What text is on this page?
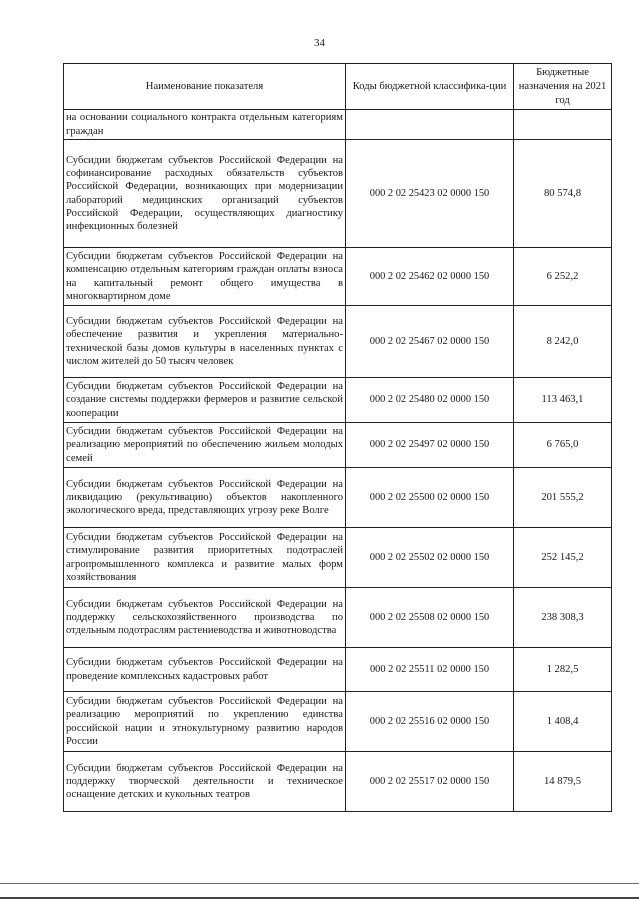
34
Наименование показателя	Коды бюджетной классифика-ции	Бюджетные назначения на 2021 год
на основании социального контракта отдельным категориям граждан		
Субсидии бюджетам субъектов Российской Федерации на софинансирование расходных обязательств субъектов Российской Федерации, возникающих при модернизации лабораторий медицинских организаций субъектов Российской Федерации, осуществляющих диагностику инфекционных болезней	000 2 02 25423 02 0000 150	80 574,8
Субсидии бюджетам субъектов Российской Федерации на компенсацию отдельным категориям граждан оплаты взноса на капитальный ремонт общего имущества в многоквартирном доме	000 2 02 25462 02 0000 150	6 252,2
Субсидии бюджетам субъектов Российской Федерации на обеспечение развития и укрепления материально-технической базы домов культуры в населенных пунктах с числом жителей до 50 тысяч человек	000 2 02 25467 02 0000 150	8 242,0
Субсидии бюджетам субъектов Российской Федерации на создание системы поддержки фермеров и развитие сельской кооперации	000 2 02 25480 02 0000 150	113 463,1
Субсидии бюджетам субъектов Российской Федерации на реализацию мероприятий по обеспечению жильем молодых семей	000 2 02 25497 02 0000 150	6 765,0
Субсидии бюджетам субъектов Российской Федерации на ликвидацию (рекультивацию) объектов накопленного экологического вреда, представляющих угрозу реке Волге	000 2 02 25500 02 0000 150	201 555,2
Субсидии бюджетам субъектов Российской Федерации на стимулирование развития приоритетных подотраслей агропромышленного комплекса и развитие малых форм хозяйствования	000 2 02 25502 02 0000 150	252 145,2
Субсидии бюджетам субъектов Российской Федерации на поддержку сельскохозяйственного производства по отдельным подотраслям растениеводства и животноводства	000 2 02 25508 02 0000 150	238 308,3
Субсидии бюджетам субъектов Российской Федерации на проведение комплексных кадастровых работ	000 2 02 25511 02 0000 150	1 282,5
Субсидии бюджетам субъектов Российской Федерации на реализацию мероприятий по укреплению единства российской нации и этнокультурному развитию народов России	000 2 02 25516 02 0000 150	1 408,4
Субсидии бюджетам субъектов Российской Федерации на поддержку творческой деятельности и техническое оснащение детских и кукольных театров	000 2 02 25517 02 0000 150	14 879,5
